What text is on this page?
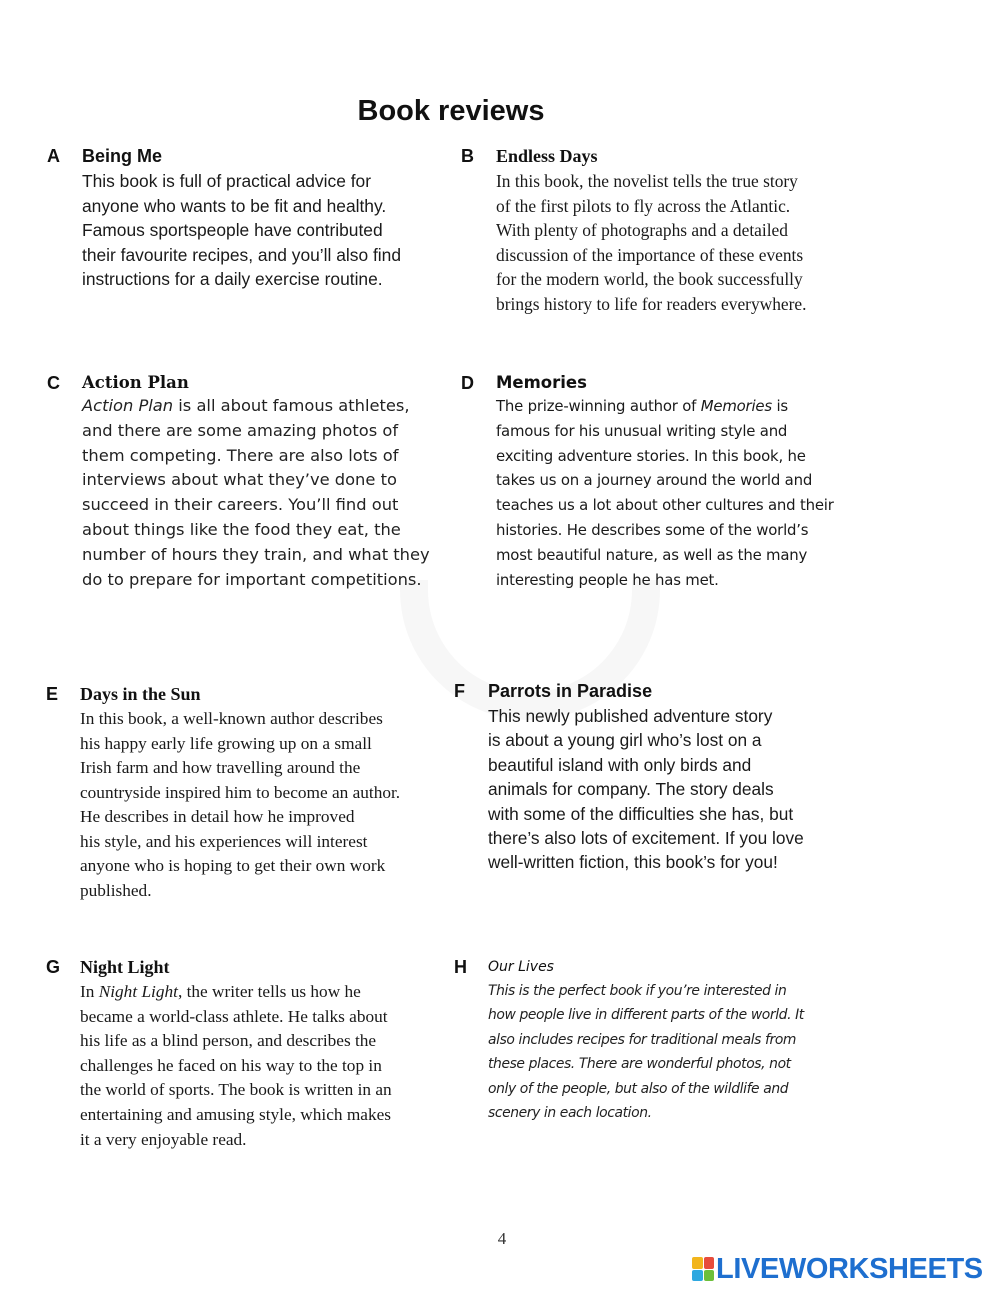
Book reviews
A Being Me

This book is full of practical advice for

anyone who wants to be fit and healthy.

Famous sportspeople have contributed

their favourite recipes, and you’ll also find

instructions for a daily exercise routine.

B Endless Days

In this book, the novelist tells the true story

of the first pilots to fly across the Atlantic.

With plenty of photographs and a detailed

discussion of the importance of these events

for the modern world, the book successfully

brings history to life for readers everywhere.

C Action Plan

Action Plan is all about famous athletes,

and there are some amazing photos of

them competing. There are also lots of

interviews about what they’ve done to

succeed in their careers. You’ll find out

about things like the food they eat, the

number of hours they train, and what they

do to prepare for important competitions.

D Memories

The prize-winning author of Memories is

famous for his unusual writing style and

exciting adventure stories. In this book, he

takes us on a journey around the world and

teaches us a lot about other cultures and their

histories. He describes some of the world’s

most beautiful nature, as well as the many

interesting people he has met.

E Days in the Sun

In this book, a well-known author describes

his happy early life growing up on a small

Irish farm and how travelling around the

countryside inspired him to become an author.

He describes in detail how he improved

his style, and his experiences will interest

anyone who is hoping to get their own work

published.

F Parrots in Paradise

This newly published adventure story

is about a young girl who’s lost on a

beautiful island with only birds and

animals for company. The story deals

with some of the difficulties she has, but

there’s also lots of excitement. If you love

well-written fiction, this book’s for you!

G Night Light

In Night Light, the writer tells us how he

became a world-class athlete. He talks about

his life as a blind person, and describes the

challenges he faced on his way to the top in

the world of sports. The book is written in an

entertaining and amusing style, which makes

it a very enjoyable read.

H Our Lives

This is the perfect book if you’re interested in

how people live in different parts of the world. It

also includes recipes for traditional meals from

these places. There are wonderful photos, not

only of the people, but also of the wildlife and

scenery in each location.

4
LIVEWORKSHEETS
